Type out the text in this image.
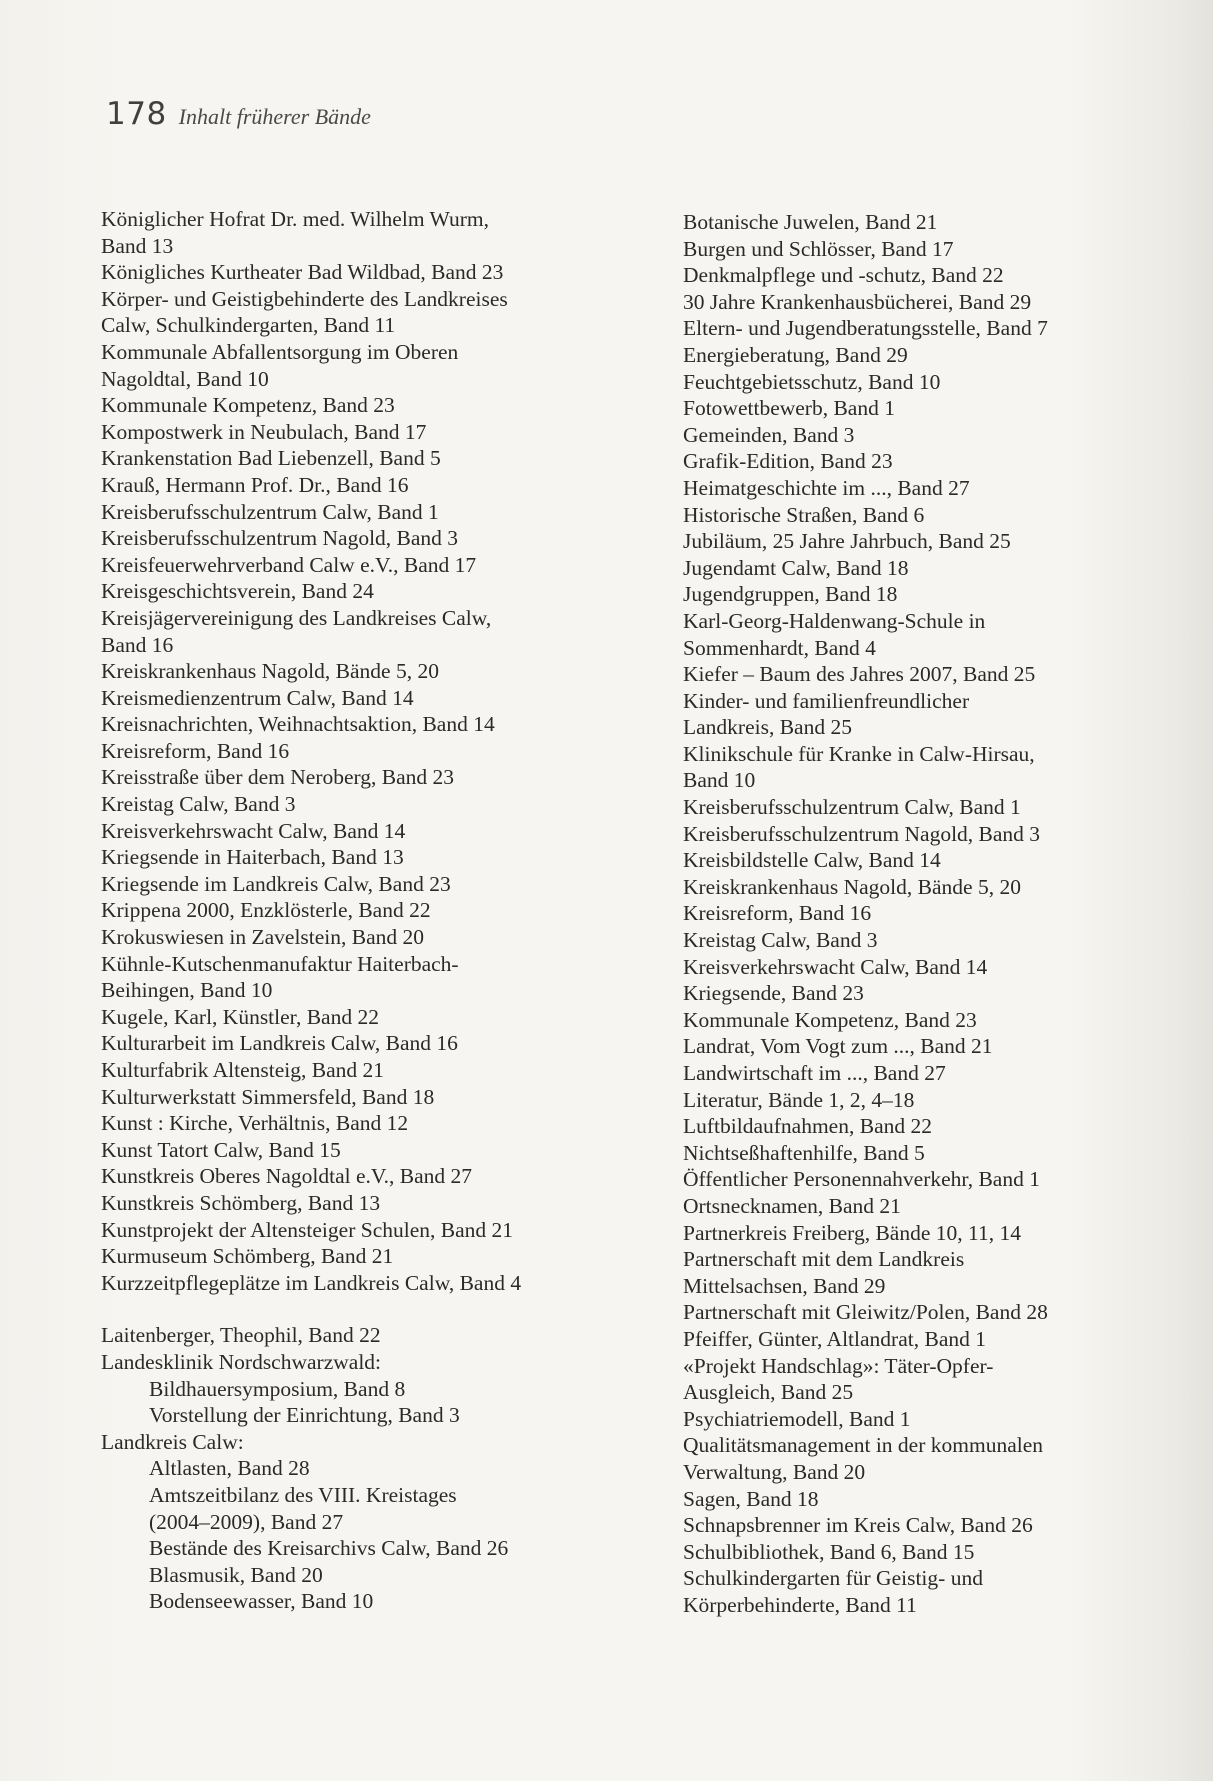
178 Inhalt früherer Bände
Königlicher Hofrat Dr. med. Wilhelm Wurm,
Band 13
Königliches Kurtheater Bad Wildbad, Band 23
Körper- und Geistigbehinderte des Landkreises
Calw, Schulkindergarten, Band 11
Kommunale Abfallentsorgung im Oberen
Nagoldtal, Band 10
Kommunale Kompetenz, Band 23
Kompostwerk in Neubulach, Band 17
Krankenstation Bad Liebenzell, Band 5
Krauß, Hermann Prof. Dr., Band 16
Kreisberufsschulzentrum Calw, Band 1
Kreisberufsschulzentrum Nagold, Band 3
Kreisfeuerwehrverband Calw e.V., Band 17
Kreisgeschichtsverein, Band 24
Kreisjägervereinigung des Landkreises Calw,
Band 16
Kreiskrankenhaus Nagold, Bände 5, 20
Kreismedienzentrum Calw, Band 14
Kreisnachrichten, Weihnachtsaktion, Band 14
Kreisreform, Band 16
Kreisstraße über dem Neroberg, Band 23
Kreistag Calw, Band 3
Kreisverkehrswacht Calw, Band 14
Kriegsende in Haiterbach, Band 13
Kriegsende im Landkreis Calw, Band 23
Krippena 2000, Enzklösterle, Band 22
Krokuswiesen in Zavelstein, Band 20
Kühnle-Kutschenmanufaktur Haiterbach-
Beihingen, Band 10
Kugele, Karl, Künstler, Band 22
Kulturarbeit im Landkreis Calw, Band 16
Kulturfabrik Altensteig, Band 21
Kulturwerkstatt Simmersfeld, Band 18
Kunst : Kirche, Verhältnis, Band 12
Kunst Tatort Calw, Band 15
Kunstkreis Oberes Nagoldtal e.V., Band 27
Kunstkreis Schömberg, Band 13
Kunstprojekt der Altensteiger Schulen, Band 21
Kurmuseum Schömberg, Band 21
Kurzzeitpflegeplätze im Landkreis Calw, Band 4
Laitenberger, Theophil, Band 22
Landesklinik Nordschwarzwald:
Bildhauersymposium, Band 8
Vorstellung der Einrichtung, Band 3
Landkreis Calw:
Altlasten, Band 28
Amtszeitbilanz des VIII. Kreistages
(2004–2009), Band 27
Bestände des Kreisarchivs Calw, Band 26
Blasmusik, Band 20
Bodenseewasser, Band 10
Botanische Juwelen, Band 21
Burgen und Schlösser, Band 17
Denkmalpflege und -schutz, Band 22
30 Jahre Krankenhausbücherei, Band 29
Eltern- und Jugendberatungsstelle, Band 7
Energieberatung, Band 29
Feuchtgebietsschutz, Band 10
Fotowettbewerb, Band 1
Gemeinden, Band 3
Grafik-Edition, Band 23
Heimatgeschichte im ..., Band 27
Historische Straßen, Band 6
Jubiläum, 25 Jahre Jahrbuch, Band 25
Jugendamt Calw, Band 18
Jugendgruppen, Band 18
Karl-Georg-Haldenwang-Schule in
Sommenhardt, Band 4
Kiefer – Baum des Jahres 2007, Band 25
Kinder- und familienfreundlicher
Landkreis, Band 25
Klinikschule für Kranke in Calw-Hirsau,
Band 10
Kreisberufsschulzentrum Calw, Band 1
Kreisberufsschulzentrum Nagold, Band 3
Kreisbildstelle Calw, Band 14
Kreiskrankenhaus Nagold, Bände 5, 20
Kreisreform, Band 16
Kreistag Calw, Band 3
Kreisverkehrswacht Calw, Band 14
Kriegsende, Band 23
Kommunale Kompetenz, Band 23
Landrat, Vom Vogt zum ..., Band 21
Landwirtschaft im ..., Band 27
Literatur, Bände 1, 2, 4–18
Luftbildaufnahmen, Band 22
Nichtseßhaftenhilfe, Band 5
Öffentlicher Personennahverkehr, Band 1
Ortsnecknamen, Band 21
Partnerkreis Freiberg, Bände 10, 11, 14
Partnerschaft mit dem Landkreis
Mittelsachsen, Band 29
Partnerschaft mit Gleiwitz/Polen, Band 28
Pfeiffer, Günter, Altlandrat, Band 1
«Projekt Handschlag»: Täter-Opfer-
Ausgleich, Band 25
Psychiatriemodell, Band 1
Qualitätsmanagement in der kommunalen
Verwaltung, Band 20
Sagen, Band 18
Schnapsbrenner im Kreis Calw, Band 26
Schulbibliothek, Band 6, Band 15
Schulkindergarten für Geistig- und
Körperbehinderte, Band 11
